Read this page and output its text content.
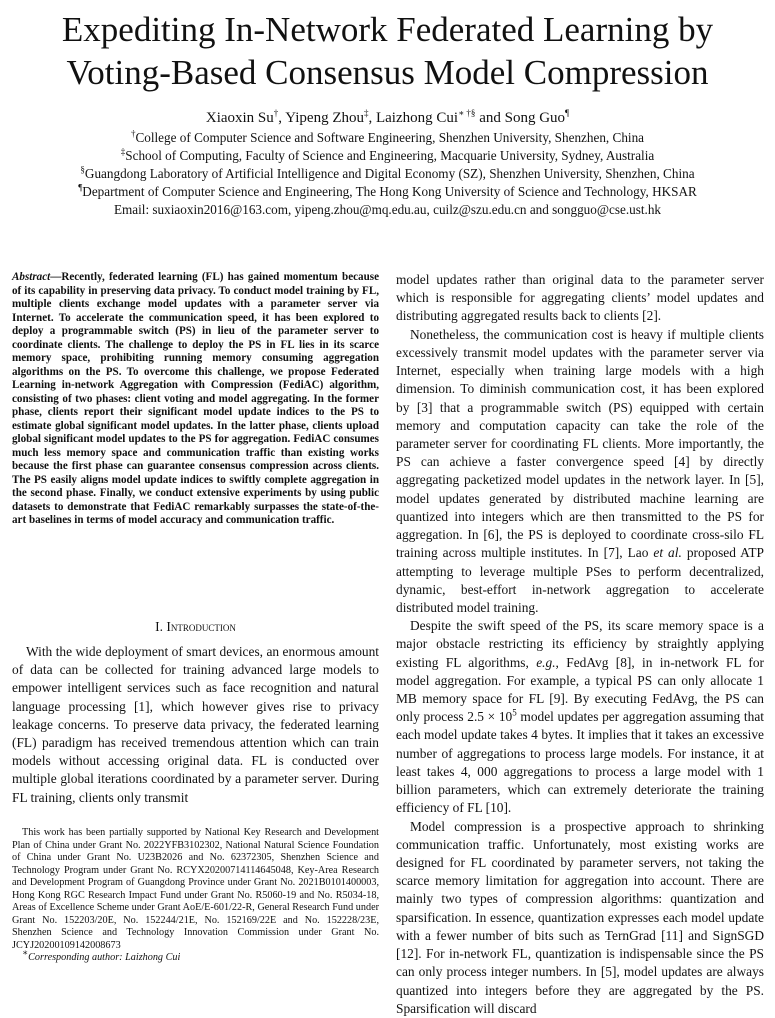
Expediting In-Network Federated Learning by
Voting-Based Consensus Model Compression
Xiaoxin Su†, Yipeng Zhou‡, Laizhong Cui∗ †§ and Song Guo¶
†College of Computer Science and Software Engineering, Shenzhen University, Shenzhen, China
‡School of Computing, Faculty of Science and Engineering, Macquarie University, Sydney, Australia
§Guangdong Laboratory of Artificial Intelligence and Digital Economy (SZ), Shenzhen University, Shenzhen, China
¶Department of Computer Science and Engineering, The Hong Kong University of Science and Technology, HKSAR
Email: suxiaoxin2016@163.com, yipeng.zhou@mq.edu.au, cuilz@szu.edu.cn and songguo@cse.ust.hk
Abstract—Recently, federated learning (FL) has gained momentum because of its capability in preserving data privacy. To conduct model training by FL, multiple clients exchange model updates with a parameter server via Internet. To accelerate the communication speed, it has been explored to deploy a programmable switch (PS) in lieu of the parameter server to coordinate clients. The challenge to deploy the PS in FL lies in its scarce memory space, prohibiting running memory consuming aggregation algorithms on the PS. To overcome this challenge, we propose Federated Learning in-network Aggregation with Compression (FediAC) algorithm, consisting of two phases: client voting and model aggregating. In the former phase, clients report their significant model update indices to the PS to estimate global significant model updates. In the latter phase, clients upload global significant model updates to the PS for aggregation. FediAC consumes much less memory space and communication traffic than existing works because the first phase can guarantee consensus compression across clients. The PS easily aligns model update indices to swiftly complete aggregation in the second phase. Finally, we conduct extensive experiments by using public datasets to demonstrate that FediAC remarkably surpasses the state-of-the-art baselines in terms of model accuracy and communication traffic.
I. Introduction

With the wide deployment of smart devices, an enormous amount of data can be collected for training advanced large models to empower intelligent services such as face recognition and natural language processing [1], which however gives rise to privacy leakage concerns. To preserve data privacy, the federated learning (FL) paradigm has received tremendous attention which can train models without accessing original data. FL is conducted over multiple global iterations coordinated by a parameter server. During FL training, clients only transmit

This work has been partially supported by National Key Research and Development Plan of China under Grant No. 2022YFB3102302, National Natural Science Foundation of China under Grant No. U23B2026 and No. 62372305, Shenzhen Science and Technology Program under Grant No. RCYX20200714114645048, Key-Area Research and Development Program of Guangdong Province under Grant No. 2021B0101400003, Hong Kong RGC Research Impact Fund under Grant No. R5060-19 and No. R5034-18, Areas of Excellence Scheme under Grant AoE/E-601/22-R, General Research Fund under Grant No. 152203/20E, No. 152244/21E, No. 152169/22E and No. 152228/23E, Shenzhen Science and Technology Innovation Commission under Grant No. JCYJ20200109142008673

∗Corresponding author: Laizhong Cui

model updates rather than original data to the parameter server which is responsible for aggregating clients’ model updates and distributing aggregated results back to clients [2].

Nonetheless, the communication cost is heavy if multiple clients excessively transmit model updates with the parameter server via Internet, especially when training large models with a high dimension. To diminish communication cost, it has been explored by [3] that a programmable switch (PS) equipped with certain memory and computation capacity can take the role of the parameter server for coordinating FL clients. More importantly, the PS can achieve a faster convergence speed [4] by directly aggregating packetized model updates in the network layer. In [5], model updates generated by distributed machine learning are quantized into integers which are then transmitted to the PS for aggregation. In [6], the PS is deployed to coordinate cross-silo FL training across multiple institutes. In [7], Lao et al. proposed ATP attempting to leverage multiple PSes to perform decentralized, dynamic, best-effort in-network aggregation to accelerate distributed model training.

Despite the swift speed of the PS, its scare memory space is a major obstacle restricting its efficiency by straightly applying existing FL algorithms, e.g., FedAvg [8], in in-network FL for model aggregation. For example, a typical PS can only allocate 1 MB memory space for FL [9]. By executing FedAvg, the PS can only process $2.5 \times 10^5$ model updates per aggregation assuming that each model update takes 4 bytes. It implies that it takes an excessive number of aggregations to process large models. For instance, it at least takes 4, 000 aggregations to process a large model with 1 billion parameters, which can extremely deteriorate the training efficiency of FL [10].

Model compression is a prospective approach to shrinking communication traffic. Unfortunately, most existing works are designed for FL coordinated by parameter servers, not taking the scarce memory limitation for aggregation into account. There are mainly two types of compression algorithms: quantization and sparsification. In essence, quantization expresses each model update with a fewer number of bits such as TernGrad [11] and SignSGD [12]. For in-network FL, quantization is indispensable since the PS can only process integer numbers. In [5], model updates are always quantized into integers before they are aggregated by the PS. Sparsification will discard
